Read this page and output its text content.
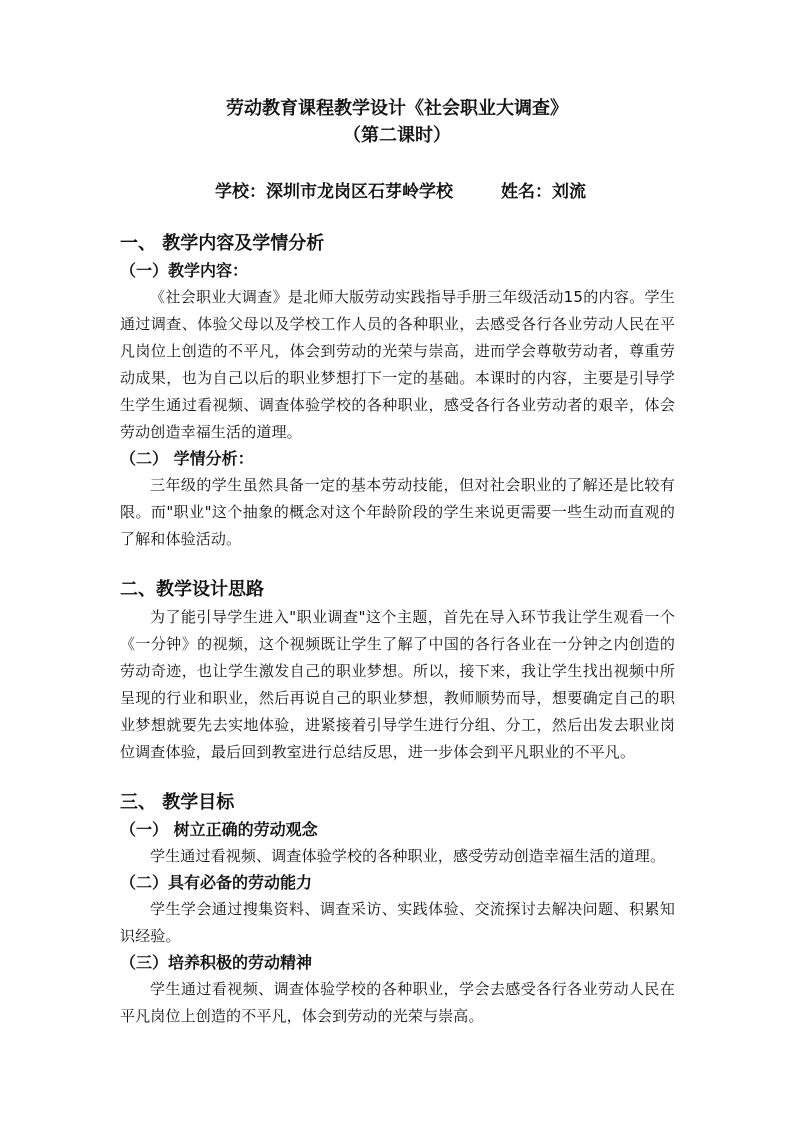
劳动教育课程教学设计《社会职业大调查》
（第二课时）
学校：深圳市龙岗区石芽岭学校	姓名：刘流
一、 教学内容及学情分析
（一）教学内容：

《社会职业大调查》是北师大版劳动实践指导手册三年级活动15的内容。学生通过调查、体验父母以及学校工作人员的各种职业，去感受各行各业劳动人民在平凡岗位上创造的不平凡，体会到劳动的光荣与崇高，进而学会尊敬劳动者，尊重劳动成果，也为自己以后的职业梦想打下一定的基础。本课时的内容，主要是引导学生学生通过看视频、调查体验学校的各种职业，感受各行各业劳动者的艰辛，体会劳动创造幸福生活的道理。

（二） 学情分析：

三年级的学生虽然具备一定的基本劳动技能，但对社会职业的了解还是比较有限。而"职业"这个抽象的概念对这个年龄阶段的学生来说更需要一些生动而直观的了解和体验活动。

二、教学设计思路

为了能引导学生进入"职业调查"这个主题，首先在导入环节我让学生观看一个《一分钟》的视频，这个视频既让学生了解了中国的各行各业在一分钟之内创造的劳动奇迹，也让学生激发自己的职业梦想。所以，接下来，我让学生找出视频中所呈现的行业和职业，然后再说自己的职业梦想，教师顺势而导，想要确定自己的职业梦想就要先去实地体验，进紧接着引导学生进行分组、分工，然后出发去职业岗位调查体验，最后回到教室进行总结反思，进一步体会到平凡职业的不平凡。

三、 教学目标
（一） 树立正确的劳动观念

学生通过看视频、调查体验学校的各种职业，感受劳动创造幸福生活的道理。

（二）具有必备的劳动能力

学生学会通过搜集资料、调查采访、实践体验、交流探讨去解决问题、积累知识经验。

（三）培养积极的劳动精神

学生通过看视频、调查体验学校的各种职业，学会去感受各行各业劳动人民在平凡岗位上创造的不平凡，体会到劳动的光荣与崇高。
